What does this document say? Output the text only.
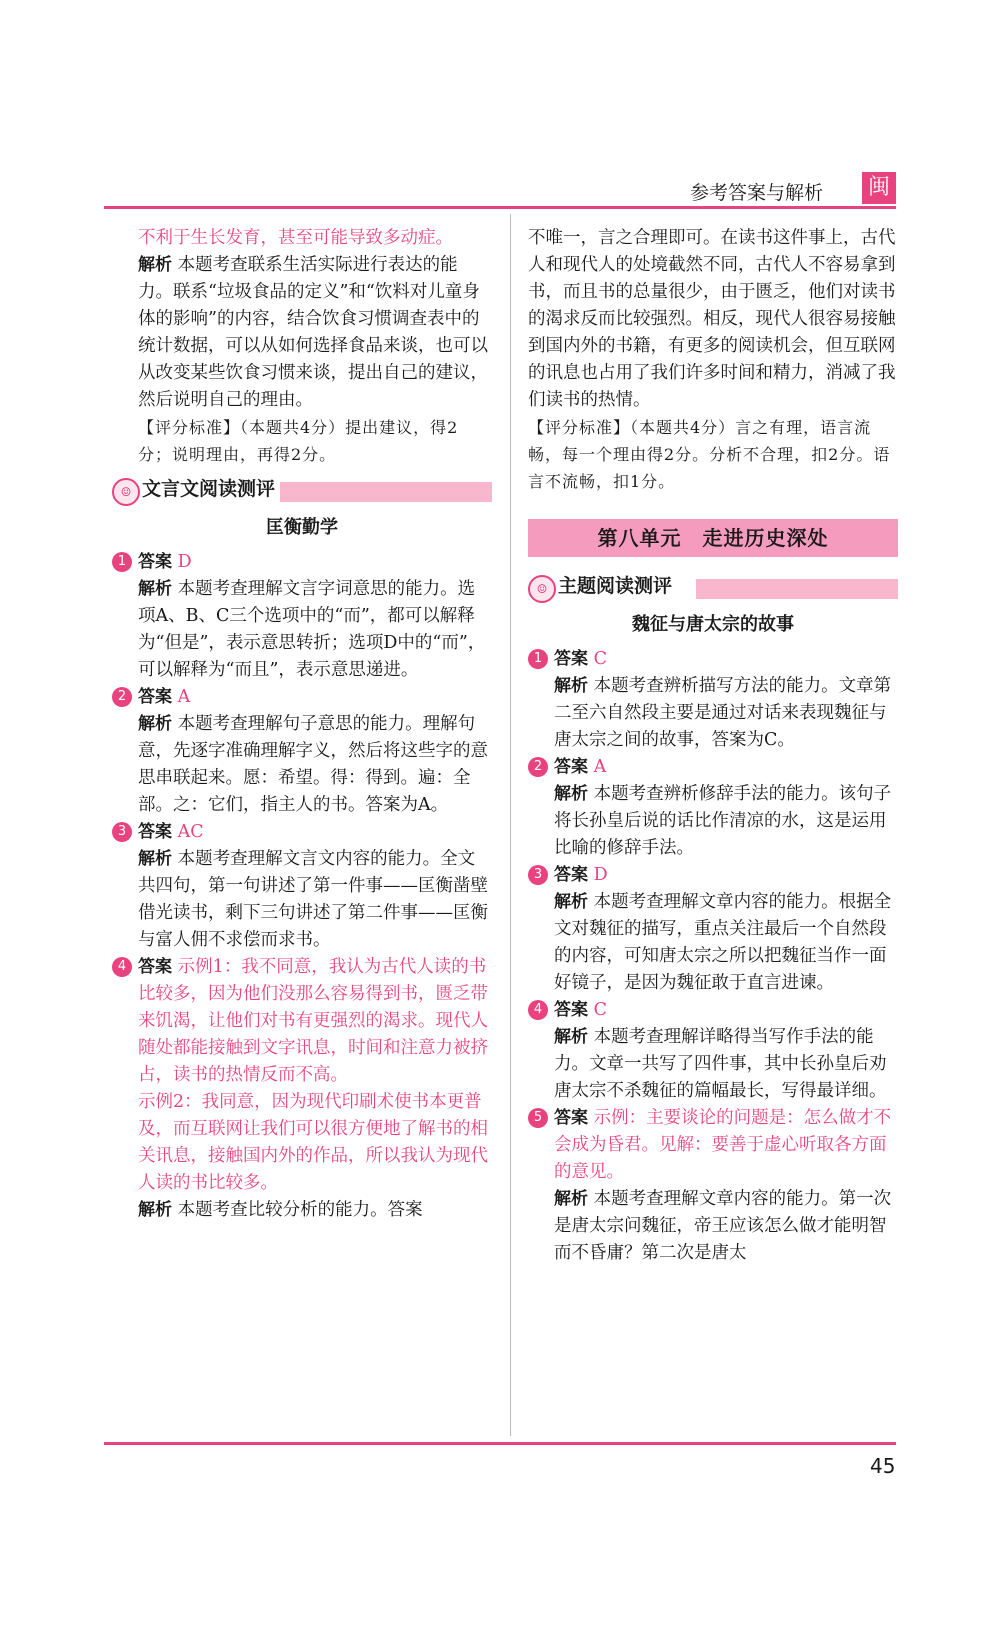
参考答案与解析 闽

不利于生长发育，甚至可能导致多动症。

解析 本题考查联系生活实际进行表达的能力。联系“垃圾食品的定义”和“饮料对儿童身体的影响”的内容，结合饮食习惯调查表中的统计数据，可以从如何选择食品来谈，也可以从改变某些饮食习惯来谈，提出自己的建议，然后说明自己的理由。

【评分标准】（本题共4分）提出建议，得2分；说明理由，再得2分。

☺ 文言文阅读测评
匡衡勤学
1 答案 D

解析 本题考查理解文言字词意思的能力。选项A、B、C三个选项中的“而”，都可以解释为“但是”，表示意思转折；选项D中的“而”，可以解释为“而且”，表示意思递进。

2 答案 A

解析 本题考查理解句子意思的能力。理解句意，先逐字准确理解字义，然后将这些字的意思串联起来。愿：希望。得：得到。遍：全部。之：它们，指主人的书。答案为A。

3 答案 AC

解析 本题考查理解文言文内容的能力。全文共四句，第一句讲述了第一件事——匡衡凿壁借光读书，剩下三句讲述了第二件事——匡衡与富人佣不求偿而求书。

4 答案 示例1：我不同意，我认为古代人读的书比较多，因为他们没那么容易得到书，匮乏带来饥渴，让他们对书有更强烈的渴求。现代人随处都能接触到文字讯息，时间和注意力被挤占，读书的热情反而不高。

示例2：我同意，因为现代印刷术使书本更普及，而互联网让我们可以很方便地了解书的相关讯息，接触国内外的作品，所以我认为现代人读的书比较多。

解析 本题考查比较分析的能力。答案

不唯一，言之合理即可。在读书这件事上，古代人和现代人的处境截然不同，古代人不容易拿到书，而且书的总量很少，由于匮乏，他们对读书的渴求反而比较强烈。相反，现代人很容易接触到国内外的书籍，有更多的阅读机会，但互联网的讯息也占用了我们许多时间和精力，消减了我们读书的热情。

【评分标准】（本题共4分）言之有理，语言流畅，每一个理由得2分。分析不合理，扣2分。语言不流畅，扣1分。

第八单元　走进历史深处
☺ 主题阅读测评
魏征与唐太宗的故事
1 答案 C

解析 本题考查辨析描写方法的能力。文章第二至六自然段主要是通过对话来表现魏征与唐太宗之间的故事，答案为C。

2 答案 A

解析 本题考查辨析修辞手法的能力。该句子将长孙皇后说的话比作清凉的水，这是运用比喻的修辞手法。

3 答案 D

解析 本题考查理解文章内容的能力。根据全文对魏征的描写，重点关注最后一个自然段的内容，可知唐太宗之所以把魏征当作一面好镜子，是因为魏征敢于直言进谏。

4 答案 C

解析 本题考查理解详略得当写作手法的能力。文章一共写了四件事，其中长孙皇后劝唐太宗不杀魏征的篇幅最长，写得最详细。

5 答案 示例：主要谈论的问题是：怎么做才不会成为昏君。见解：要善于虚心听取各方面的意见。

解析 本题考查理解文章内容的能力。第一次是唐太宗问魏征，帝王应该怎么做才能明智而不昏庸？第二次是唐太

45
